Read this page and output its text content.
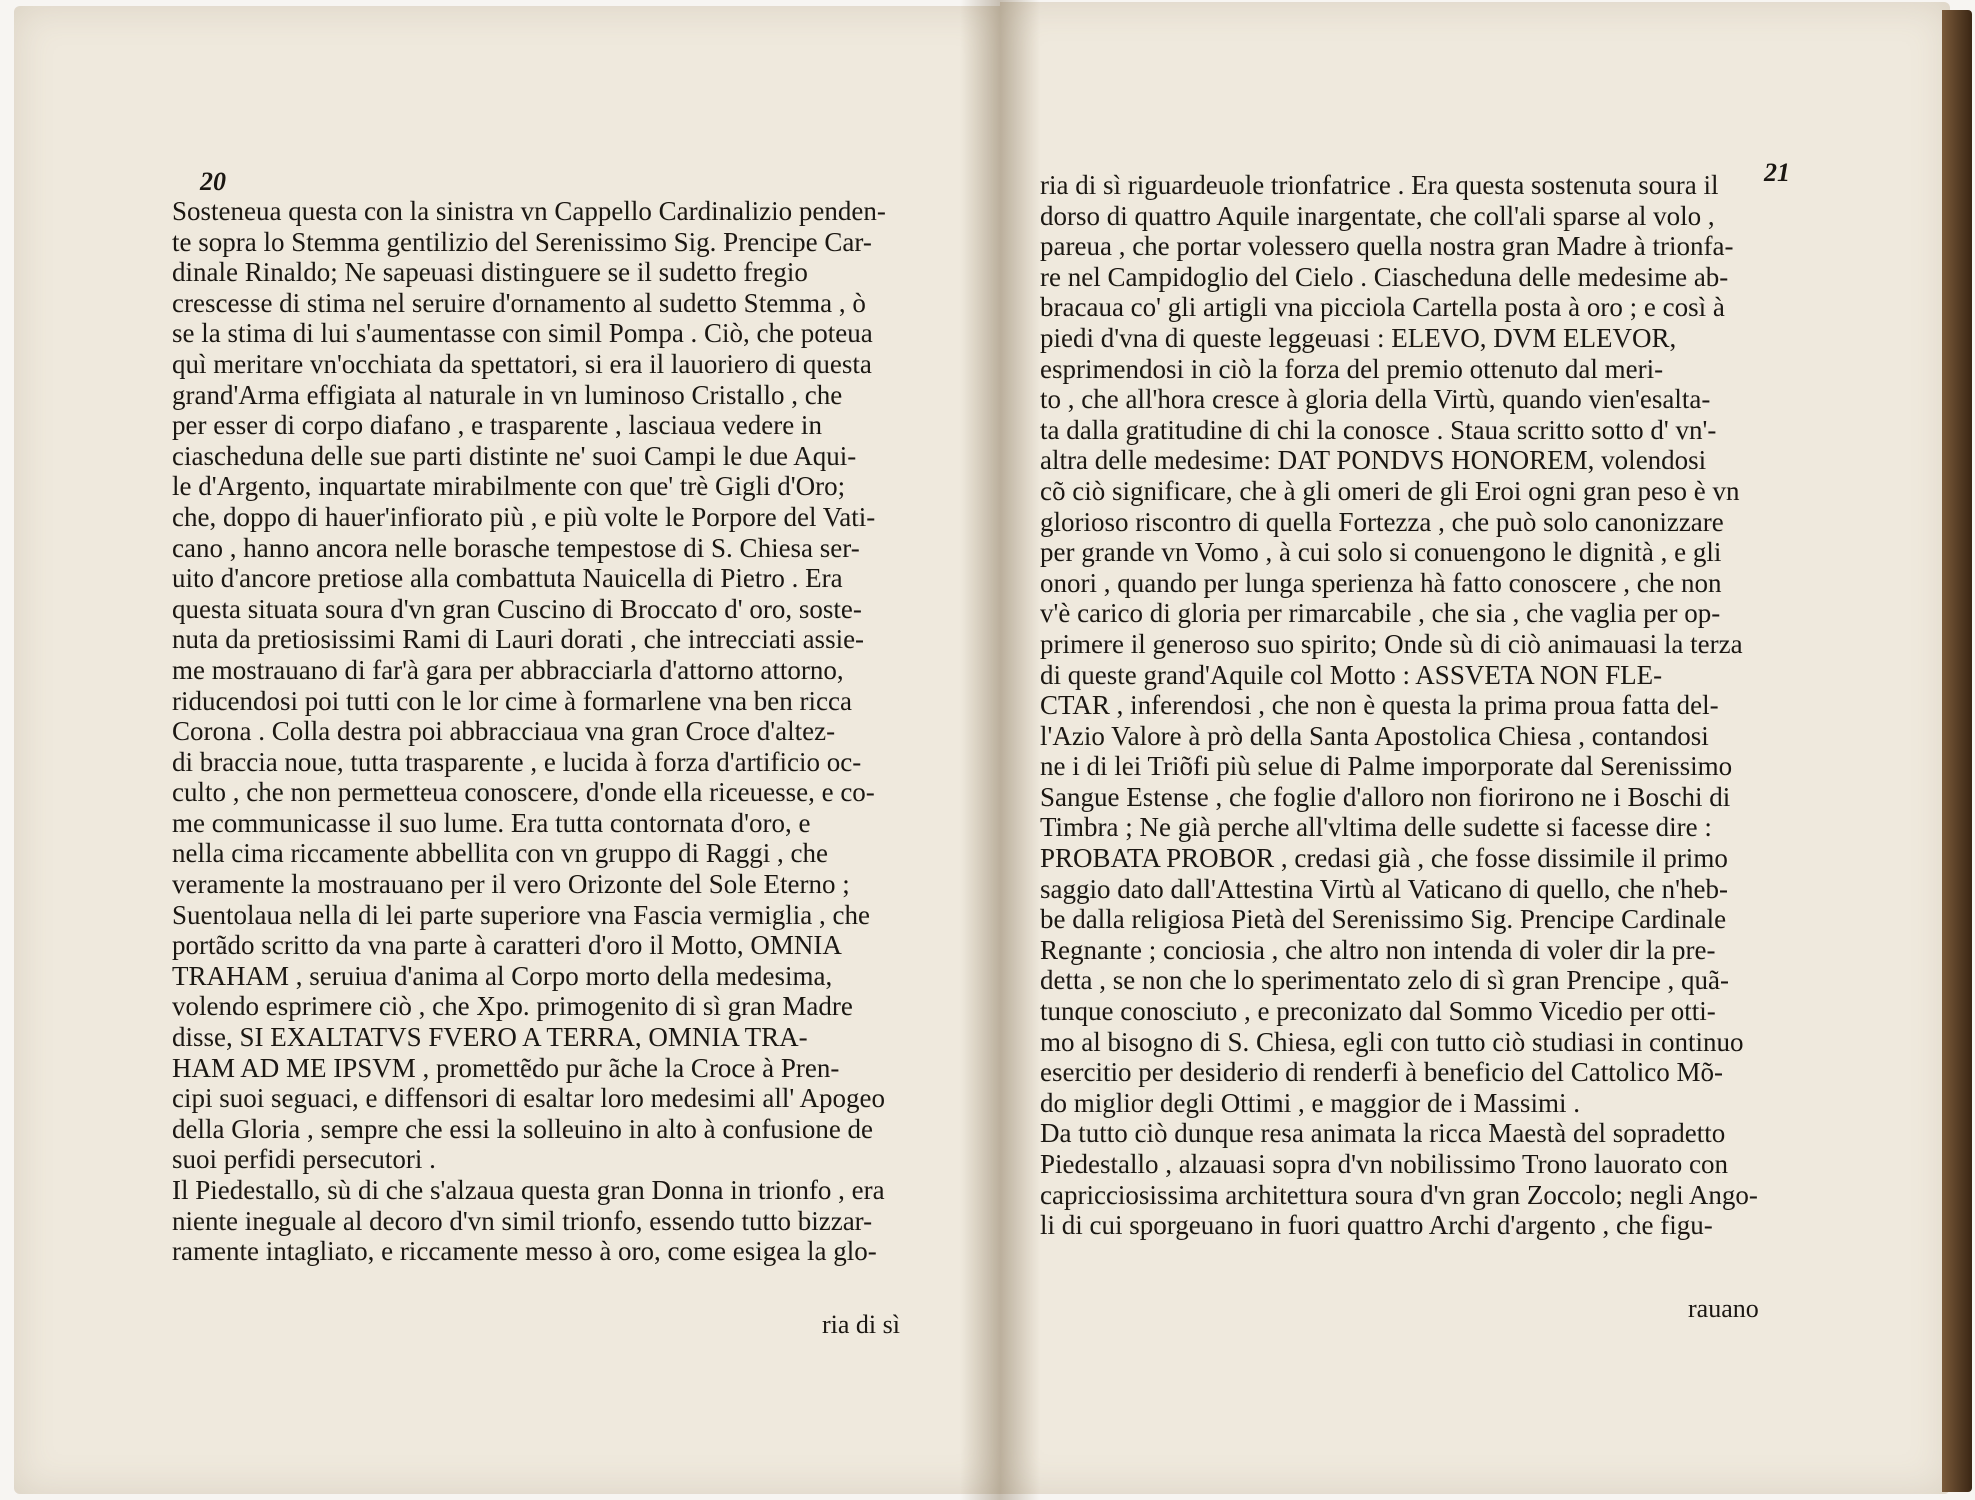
20	21
Sosteneua questa con la sinistra vn Cappello Cardinalizio penden-
te sopra lo Stemma gentilizio del Serenissimo Sig. Prencipe Car-
dinale Rinaldo; Ne sapeuasi distinguere se il sudetto fregio
crescesse di stima nel seruire d'ornamento al sudetto Stemma , ò
se la stima di lui s'aumentasse con simil Pompa . Ciò, che poteua
quì meritare vn'occhiata da spettatori, si era il lauoriero di questa
grand'Arma effigiata al naturale in vn luminoso Cristallo , che
per esser di corpo diafano , e trasparente , lasciaua vedere in
ciascheduna delle sue parti distinte ne' suoi Campi le due Aqui-
le d'Argento, inquartate mirabilmente con que' trè Gigli d'Oro;
che, doppo di hauer'infiorato più , e più volte le Porpore del Vati-
cano , hanno ancora nelle borasche tempestose di S. Chiesa ser-
uito d'ancore pretiose alla combattuta Nauicella di Pietro . Era
questa situata soura d'vn gran Cuscino di Broccato d' oro, soste-
nuta da pretiosissimi Rami di Lauri dorati , che intrecciati assie-
me mostrauano di far'à gara per abbracciarla d'attorno attorno,
riducendosi poi tutti con le lor cime à formarlene vna ben ricca
Corona . Colla destra poi abbracciaua vna gran Croce d'altez-
di braccia noue, tutta trasparente , e lucida à forza d'artificio oc-
culto , che non permetteua conoscere, d'onde ella riceuesse, e co-
me communicasse il suo lume. Era tutta contornata d'oro, e
nella cima riccamente abbellita con vn gruppo di Raggi , che
veramente la mostrauano per il vero Orizonte del Sole Eterno ;
Suentolaua nella di lei parte superiore vna Fascia vermiglia , che
portãdo scritto da vna parte à caratteri d'oro il Motto, OMNIA
TRAHAM , seruiua d'anima al Corpo morto della medesima,
volendo esprimere ciò , che Xpo. primogenito di sì gran Madre
disse, SI EXALTATVS FVERO A TERRA, OMNIA TRA-
HAM AD ME IPSVM , promettẽdo pur ãche la Croce à Pren-
cipi suoi seguaci, e diffensori di esaltar loro medesimi all' Apogeo
della Gloria , sempre che essi la solleuino in alto à confusione de
suoi perfidi persecutori .
Il Piedestallo, sù di che s'alzaua questa gran Donna in trionfo , era
niente ineguale al decoro d'vn simil trionfo, essendo tutto bizzar-
ramente intagliato, e riccamente messo à oro, come esigea la glo-
ria di sì riguardeuole trionfatrice . Era questa sostenuta soura il
dorso di quattro Aquile inargentate, che coll'ali sparse al volo ,
pareua , che portar volessero quella nostra gran Madre à trionfa-
re nel Campidoglio del Cielo . Ciascheduna delle medesime ab-
bracaua co' gli artigli vna picciola Cartella posta à oro ; e così à
piedi d'vna di queste leggeuasi : ELEVO, DVM ELEVOR,
esprimendosi in ciò la forza del premio ottenuto dal meri-
to , che all'hora cresce à gloria della Virtù, quando vien'esalta-
ta dalla gratitudine di chi la conosce . Staua scritto sotto d' vn'-
altra delle medesime: DAT PONDVS HONOREM, volendosi
cõ ciò significare, che à gli omeri de gli Eroi ogni gran peso è vn
glorioso riscontro di quella Fortezza , che può solo canonizzare
per grande vn Vomo , à cui solo si conuengono le dignità , e gli
onori , quando per lunga sperienza hà fatto conoscere , che non
v'è carico di gloria per rimarcabile , che sia , che vaglia per op-
primere il generoso suo spirito; Onde sù di ciò animauasi la terza
di queste grand'Aquile col Motto : ASSVETA NON FLE-
CTAR , inferendosi , che non è questa la prima proua fatta del-
l'Azio Valore à prò della Santa Apostolica Chiesa , contandosi
ne i di lei Triõfi più selue di Palme imporporate dal Serenissimo
Sangue Estense , che foglie d'alloro non fiorirono ne i Boschi di
Timbra ; Ne già perche all'vltima delle sudette si facesse dire :
PROBATA PROBOR , credasi già , che fosse dissimile il primo
saggio dato dall'Attestina Virtù al Vaticano di quello, che n'heb-
be dalla religiosa Pietà del Serenissimo Sig. Prencipe Cardinale
Regnante ; conciosia , che altro non intenda di voler dir la pre-
detta , se non che lo sperimentato zelo di sì gran Prencipe , quã-
tunque conosciuto , e preconizato dal Sommo Vicedio per otti-
mo al bisogno di S. Chiesa, egli con tutto ciò studiasi in continuo
esercitio per desiderio di renderfi à beneficio del Cattolico Mõ-
do miglior degli Ottimi , e maggior de i Massimi .
Da tutto ciò dunque resa animata la ricca Maestà del sopradetto
Piedestallo , alzauasi sopra d'vn nobilissimo Trono lauorato con
capricciosissima architettura soura d'vn gran Zoccolo; negli Ango-
li di cui sporgeuano in fuori quattro Archi d'argento , che figu-
ria di sì
rauano
